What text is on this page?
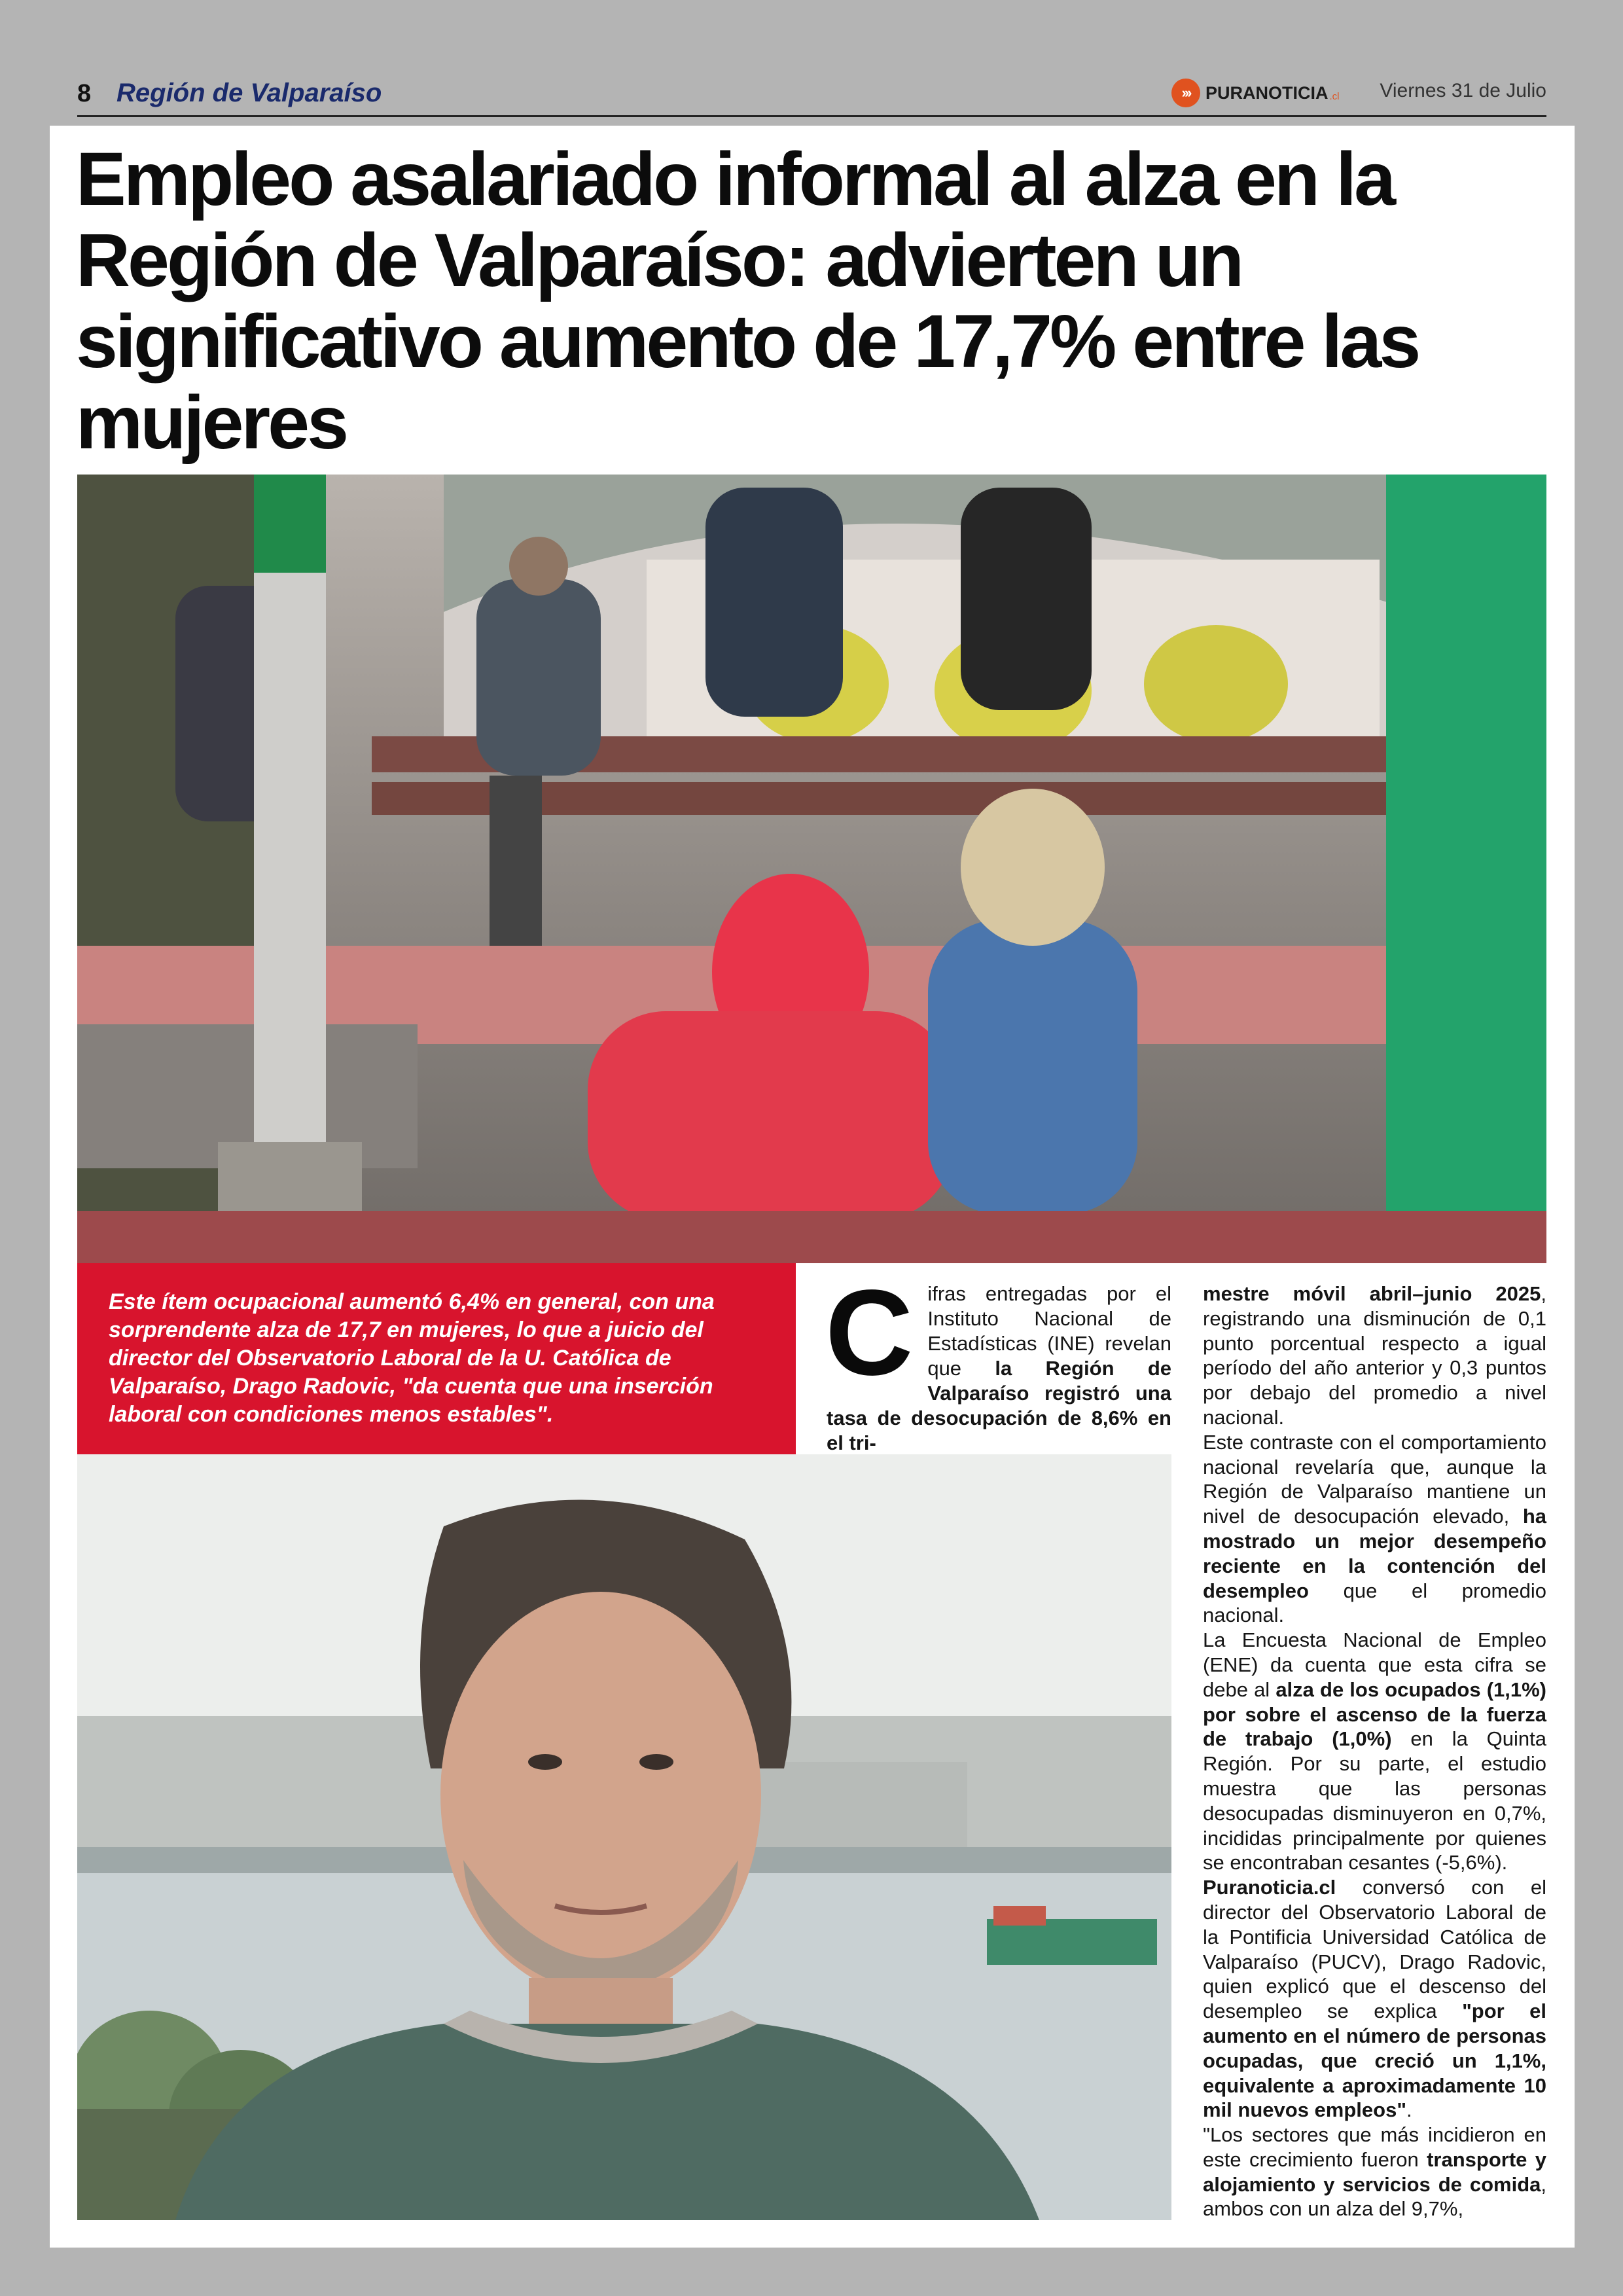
8 Región de Valparaíso	››› PURANOTICIA .cl Viernes 31 de Julio
Empleo asalariado informal al alza en la Región de Valparaíso: advierten un significativo aumento de 17,7% entre las mujeres

Este ítem ocupacional aumentó 6,4% en general, con una sorprendente alza de 17,7 en mujeres, lo que a juicio del director del Observatorio Laboral de la U. Católica de Valparaíso, Drago Radovic, "da cuenta que una inserción laboral con condiciones menos estables".

Cifras entregadas por el Instituto Nacional de Estadísticas (INE) revelan que la Región de Valparaíso registró una tasa de desocupación de 8,6% en el tri-

mestre móvil abril–junio 2025, registrando una disminución de 0,1 punto porcentual respecto a igual período del año anterior y 0,3 puntos por debajo del promedio a nivel nacional.

Este contraste con el comportamiento nacional revelaría que, aunque la Región de Valparaíso mantiene un nivel de desocupación elevado, ha mostrado un mejor desempeño reciente en la contención del desempleo que el promedio nacional.

La Encuesta Nacional de Empleo (ENE) da cuenta que esta cifra se debe al alza de los ocupados (1,1%) por sobre el ascenso de la fuerza de trabajo (1,0%) en la Quinta Región. Por su parte, el estudio muestra que las personas desocupadas disminuyeron en 0,7%, incididas principalmente por quienes se encontraban cesantes (-5,6%).

Puranoticia.cl conversó con el director del Observatorio Laboral de la Pontificia Universidad Católica de Valparaíso (PUCV), Drago Radovic, quien explicó que el descenso del desempleo se explica "por el aumento en el número de personas ocupadas, que creció un 1,1%, equivalente a aproximadamente 10 mil nuevos empleos".

"Los sectores que más incidieron en este crecimiento fueron transporte y alojamiento y servicios de comida, ambos con un alza del 9,7%,
